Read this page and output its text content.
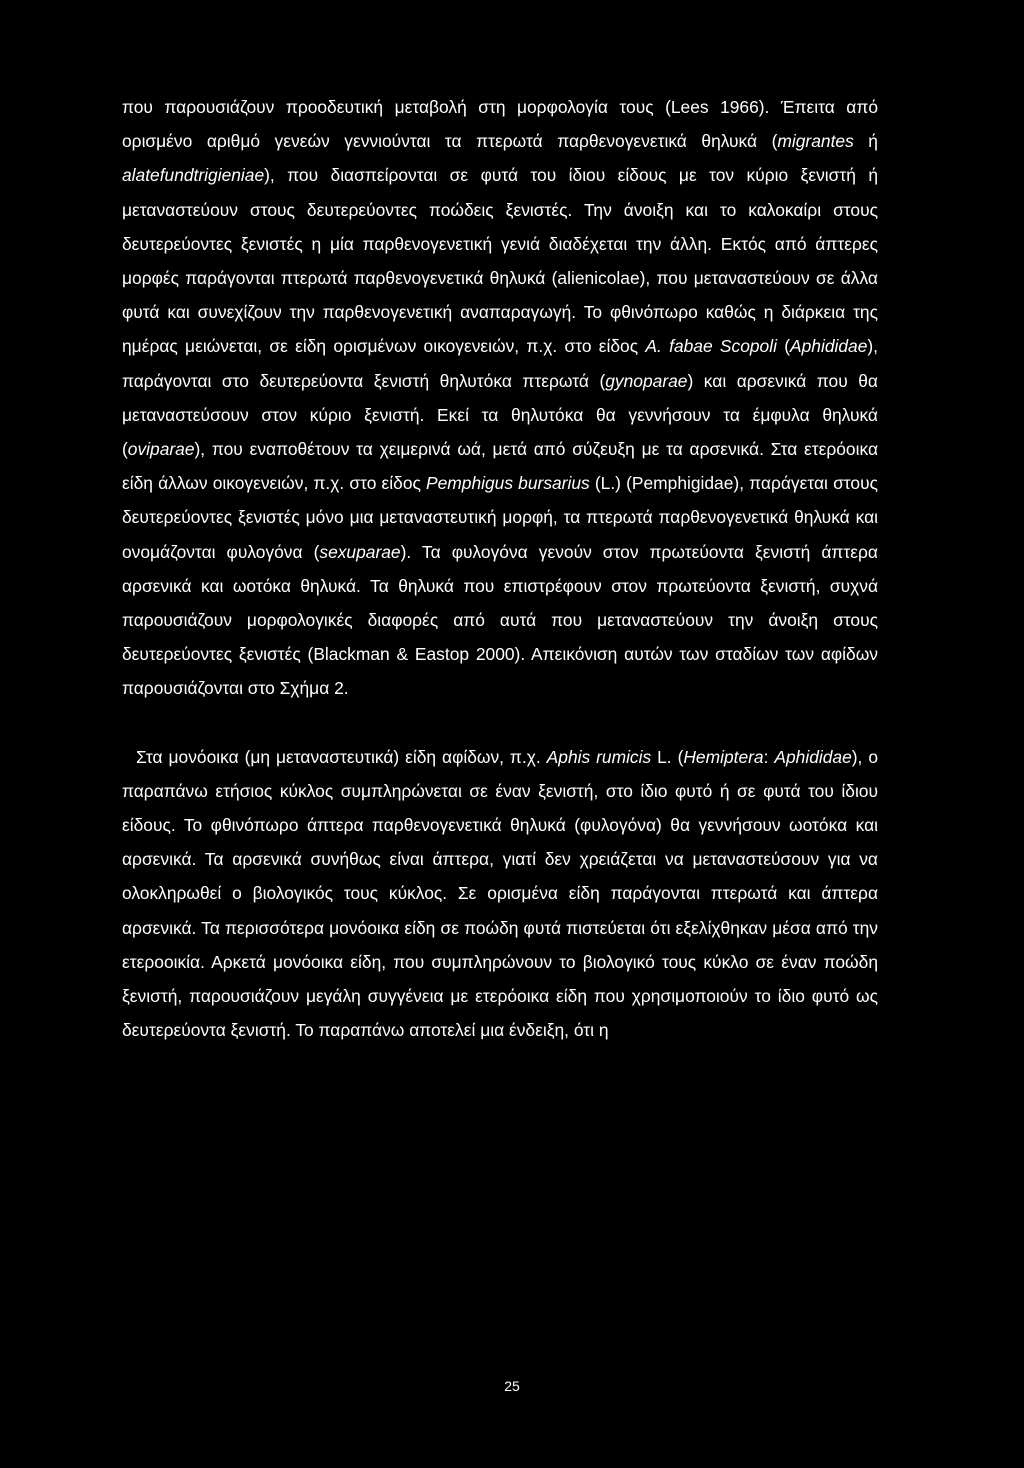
που παρουσιάζουν προοδευτική μεταβολή στη μορφολογία τους (Lees 1966). Έπειτα από ορισμένο αριθμό γενεών γεννιούνται τα πτερωτά παρθενογενετικά θηλυκά (migrantes ή alatefundtrigieniae), που διασπείρονται σε φυτά του ίδιου είδους με τον κύριο ξενιστή ή μεταναστεύουν στους δευτερεύοντες ποώδεις ξενιστές. Την άνοιξη και το καλοκαίρι στους δευτερεύοντες ξενιστές η μία παρθενογενετική γενιά διαδέχεται την άλλη. Εκτός από άπτερες μορφές παράγονται πτερωτά παρθενογενετικά θηλυκά (alienicolae), που μεταναστεύουν σε άλλα φυτά και συνεχίζουν την παρθενογενετική αναπαραγωγή. Το φθινόπωρο καθώς η διάρκεια της ημέρας μειώνεται, σε είδη ορισμένων οικογενειών, π.χ. στο είδος A. fabae Scopoli (Aphididae), παράγονται στο δευτερεύοντα ξενιστή θηλυτόκα πτερωτά (gynoparae) και αρσενικά που θα μεταναστεύσουν στον κύριο ξενιστή. Εκεί τα θηλυτόκα θα γεννήσουν τα έμφυλα θηλυκά (oviparae), που εναποθέτουν τα χειμερινά ωά, μετά από σύζευξη με τα αρσενικά. Στα ετερόοικα είδη άλλων οικογενειών, π.χ. στο είδος Pemphigus bursarius (L.) (Pemphigidae), παράγεται στους δευτερεύοντες ξενιστές μόνο μια μεταναστευτική μορφή, τα πτερωτά παρθενογενετικά θηλυκά και ονομάζονται φυλογόνα (sexuparae). Τα φυλογόνα γενούν στον πρωτεύοντα ξενιστή άπτερα αρσενικά και ωοτόκα θηλυκά. Τα θηλυκά που επιστρέφουν στον πρωτεύοντα ξενιστή, συχνά παρουσιάζουν μορφολογικές διαφορές από αυτά που μεταναστεύουν την άνοιξη στους δευτερεύοντες ξενιστές (Blackman & Eastop 2000). Απεικόνιση αυτών των σταδίων των αφίδων παρουσιάζονται στο Σχήμα 2.

Στα μονόοικα (μη μεταναστευτικά) είδη αφίδων, π.χ. Aphis rumicis L. (Hemiptera: Aphididae), ο παραπάνω ετήσιος κύκλος συμπληρώνεται σε έναν ξενιστή, στο ίδιο φυτό ή σε φυτά του ίδιου είδους. Το φθινόπωρο άπτερα παρθενογενετικά θηλυκά (φυλογόνα) θα γεννήσουν ωοτόκα και αρσενικά. Τα αρσενικά συνήθως είναι άπτερα, γιατί δεν χρειάζεται να μεταναστεύσουν για να ολοκληρωθεί ο βιολογικός τους κύκλος. Σε ορισμένα είδη παράγονται πτερωτά και άπτερα αρσενικά. Τα περισσότερα μονόοικα είδη σε ποώδη φυτά πιστεύεται ότι εξελίχθηκαν μέσα από την ετεροοικία. Αρκετά μονόοικα είδη, που συμπληρώνουν το βιολογικό τους κύκλο σε έναν ποώδη ξενιστή, παρουσιάζουν μεγάλη συγγένεια με ετερόοικα είδη που χρησιμοποιούν το ίδιο φυτό ως δευτερεύοντα ξενιστή. Το παραπάνω αποτελεί μια ένδειξη, ότι η

25
